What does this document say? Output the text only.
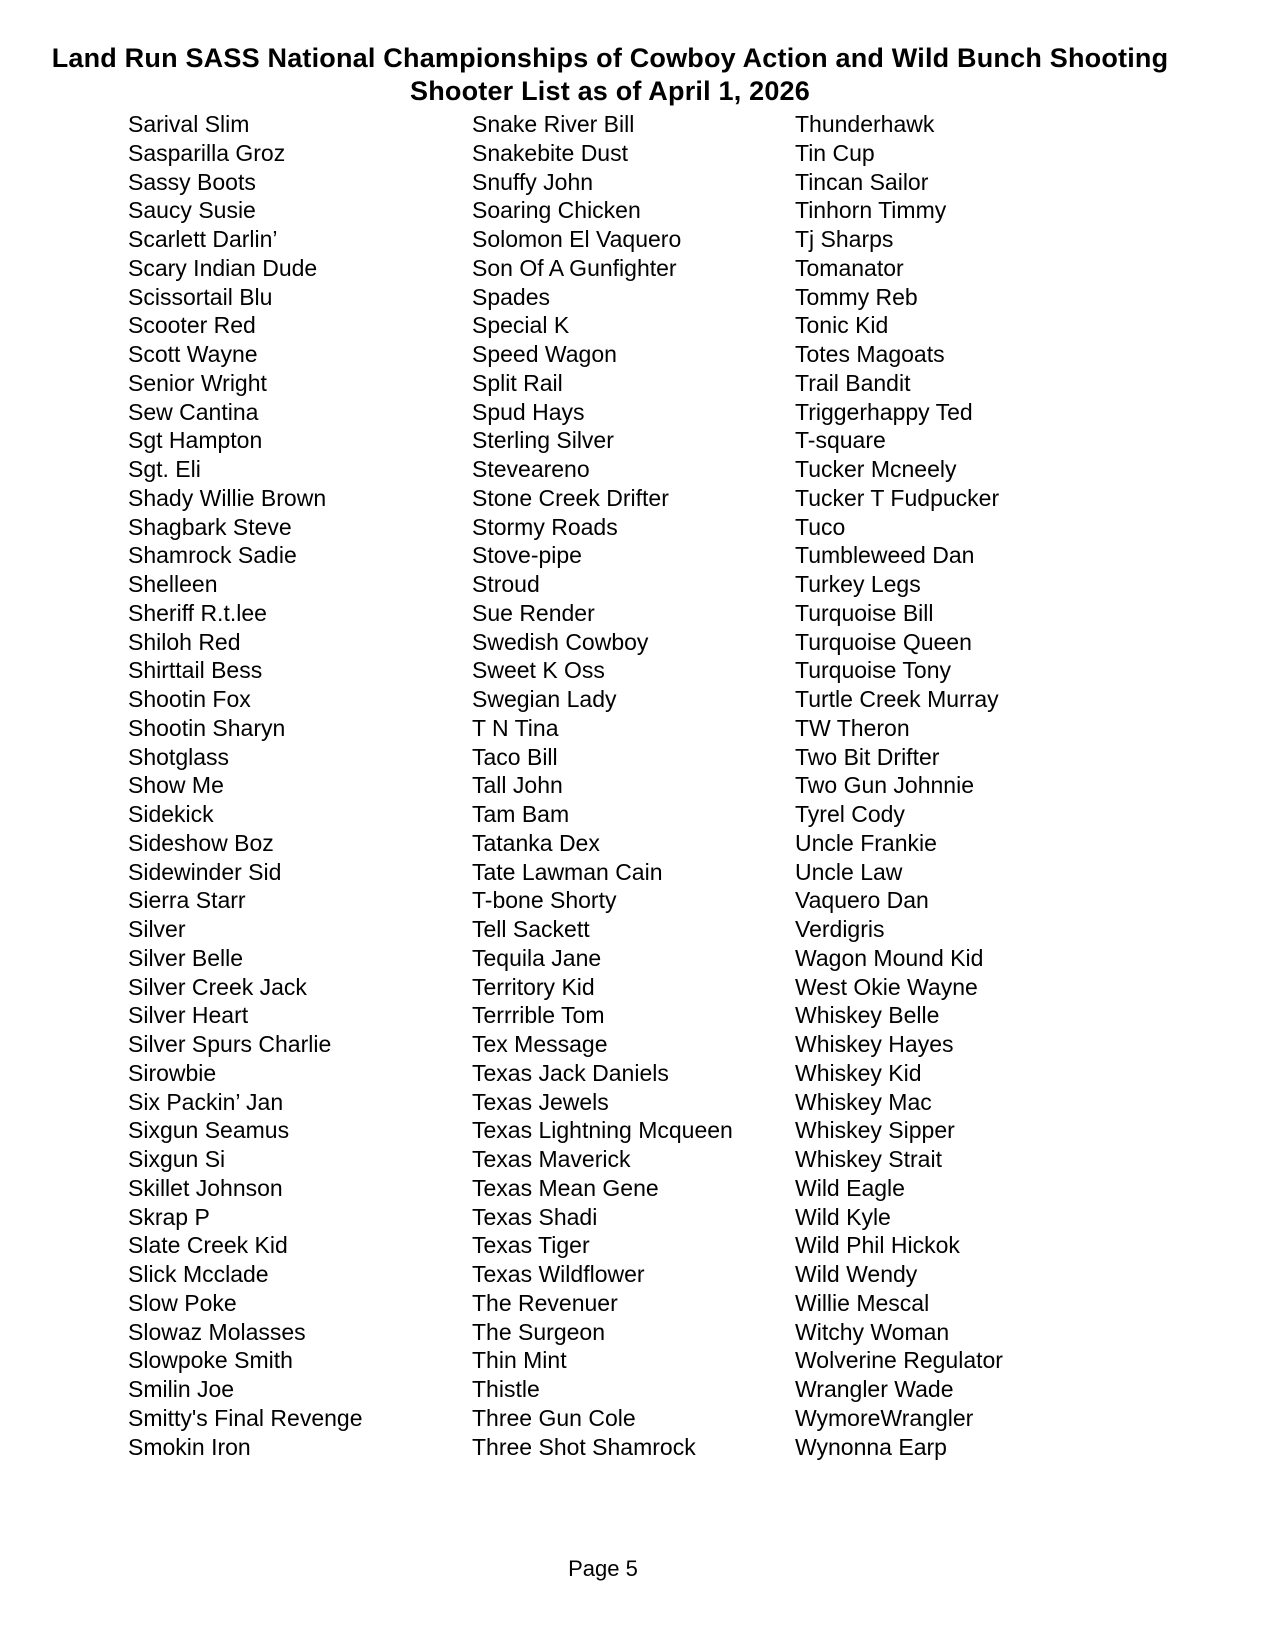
Land Run SASS National Championships of Cowboy Action and Wild Bunch Shooting
Shooter List as of April 1, 2026
Sarival Slim
Sasparilla Groz
Sassy Boots
Saucy Susie
Scarlett Darlin’
Scary Indian Dude
Scissortail Blu
Scooter Red
Scott Wayne
Senior Wright
Sew Cantina
Sgt Hampton
Sgt. Eli
Shady Willie Brown
Shagbark Steve
Shamrock Sadie
Shelleen
Sheriff R.t.lee
Shiloh Red
Shirttail Bess
Shootin Fox
Shootin Sharyn
Shotglass
Show Me
Sidekick
Sideshow Boz
Sidewinder Sid
Sierra Starr
Silver
Silver Belle
Silver Creek Jack
Silver Heart
Silver Spurs Charlie
Sirowbie
Six Packin’ Jan
Sixgun Seamus
Sixgun Si
Skillet Johnson
Skrap P
Slate Creek Kid
Slick Mcclade
Slow Poke
Slowaz Molasses
Slowpoke Smith
Smilin Joe
Smitty's Final Revenge
Smokin Iron
Snake River Bill
Snakebite Dust
Snuffy John
Soaring Chicken
Solomon El Vaquero
Son Of A Gunfighter
Spades
Special K
Speed Wagon
Split Rail
Spud Hays
Sterling Silver
Steveareno
Stone Creek Drifter
Stormy Roads
Stove-pipe
Stroud
Sue Render
Swedish Cowboy
Sweet K Oss
Swegian Lady
T N Tina
Taco Bill
Tall John
Tam Bam
Tatanka Dex
Tate Lawman Cain
T-bone Shorty
Tell Sackett
Tequila Jane
Territory Kid
Terrrible Tom
Tex Message
Texas Jack Daniels
Texas Jewels
Texas Lightning Mcqueen
Texas Maverick
Texas Mean Gene
Texas Shadi
Texas Tiger
Texas Wildflower
The Revenuer
The Surgeon
Thin Mint
Thistle
Three Gun Cole
Three Shot Shamrock
Thunderhawk
Tin Cup
Tincan Sailor
Tinhorn Timmy
Tj Sharps
Tomanator
Tommy Reb
Tonic Kid
Totes Magoats
Trail Bandit
Triggerhappy Ted
T-square
Tucker Mcneely
Tucker T Fudpucker
Tuco
Tumbleweed Dan
Turkey Legs
Turquoise Bill
Turquoise Queen
Turquoise Tony
Turtle Creek Murray
TW Theron
Two Bit Drifter
Two Gun Johnnie
Tyrel Cody
Uncle Frankie
Uncle Law
Vaquero Dan
Verdigris
Wagon Mound Kid
West Okie Wayne
Whiskey Belle
Whiskey Hayes
Whiskey Kid
Whiskey Mac
Whiskey Sipper
Whiskey Strait
Wild Eagle
Wild Kyle
Wild Phil Hickok
Wild Wendy
Willie Mescal
Witchy Woman
Wolverine Regulator
Wrangler Wade
WymoreWrangler
Wynonna Earp
Page 5
